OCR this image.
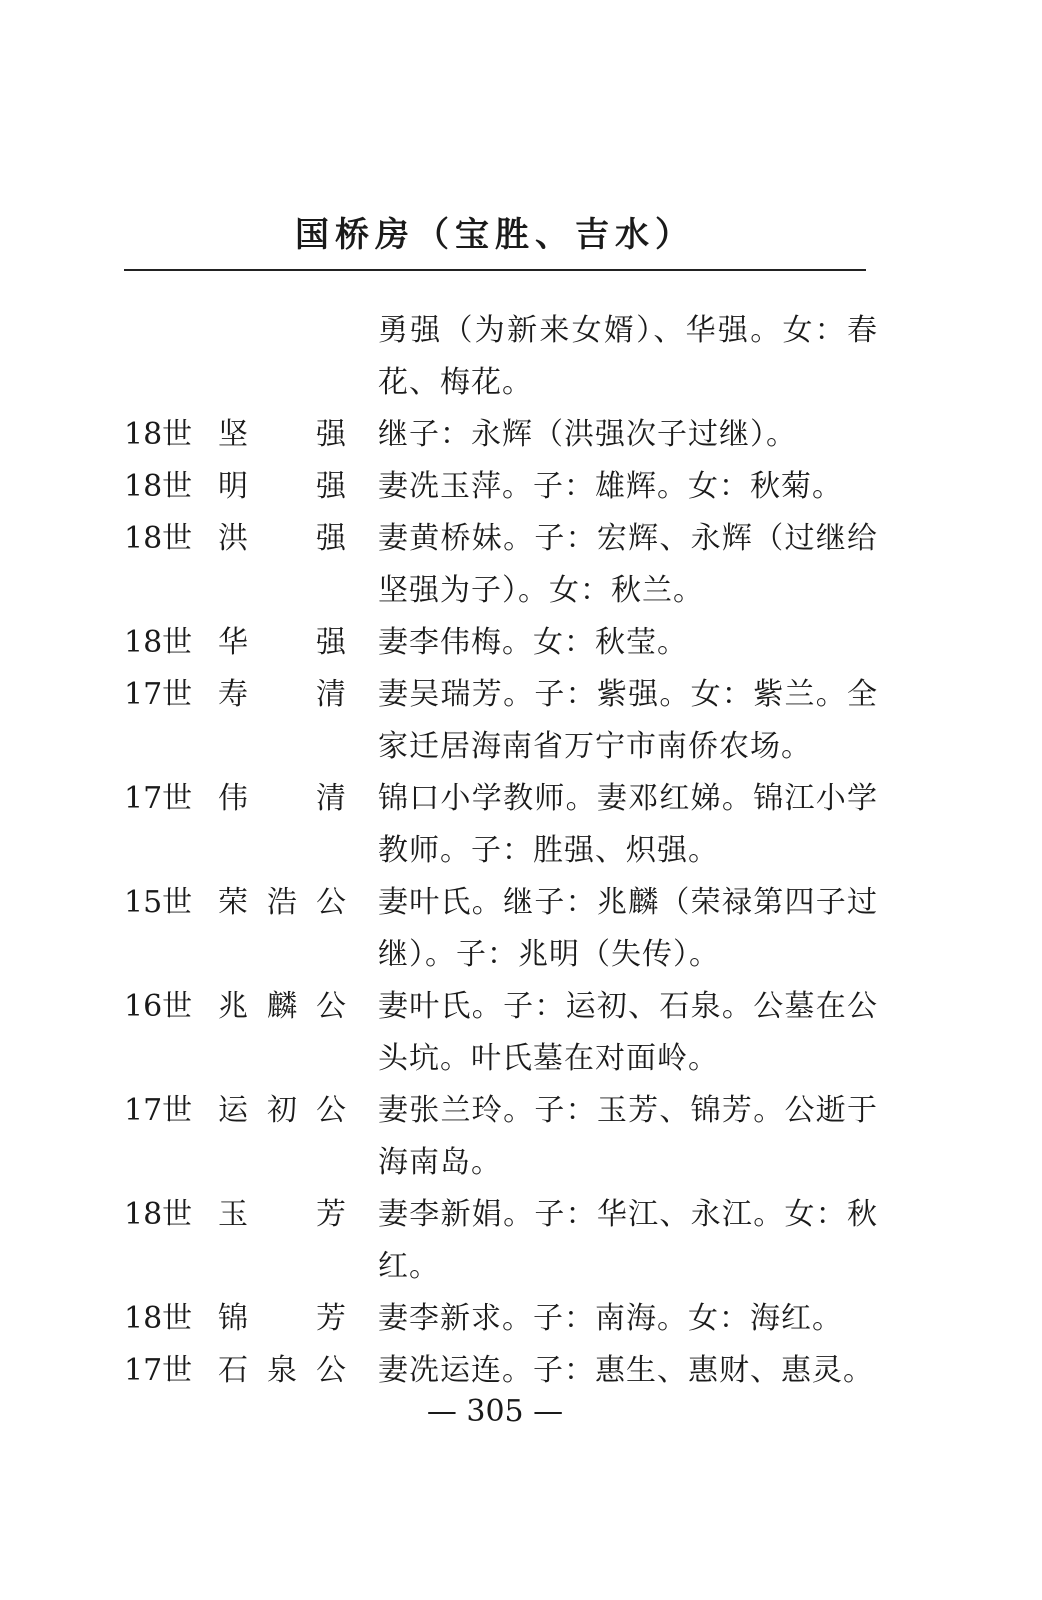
国桥房（宝胜、吉水）
勇强（为新来女婿）、华强。女：春花、梅花。
18世 坚强 继子：永辉（洪强次子过继）。
18世 明强 妻冼玉萍。子：雄辉。女：秋菊。
18世 洪强 妻黄桥妹。子：宏辉、永辉（过继给坚强为子）。女：秋兰。
18世 华强 妻李伟梅。女：秋莹。
17世 寿清 妻吴瑞芳。子：紫强。女：紫兰。全家迁居海南省万宁市南侨农场。
17世 伟清 锦口小学教师。妻邓红娣。锦江小学教师。子：胜强、炽强。
15世 荣浩公 妻叶氏。继子：兆麟（荣禄第四子过继）。子：兆明（失传）。
16世 兆麟公 妻叶氏。子：运初、石泉。公墓在公头坑。叶氏墓在对面岭。
17世 运初公 妻张兰玲。子：玉芳、锦芳。公逝于海南岛。
18世 玉芳 妻李新娟。子：华江、永江。女：秋红。
18世 锦芳 妻李新求。子：南海。女：海红。
17世 石泉公 妻冼运连。子：惠生、惠财、惠灵。
— 305 —
